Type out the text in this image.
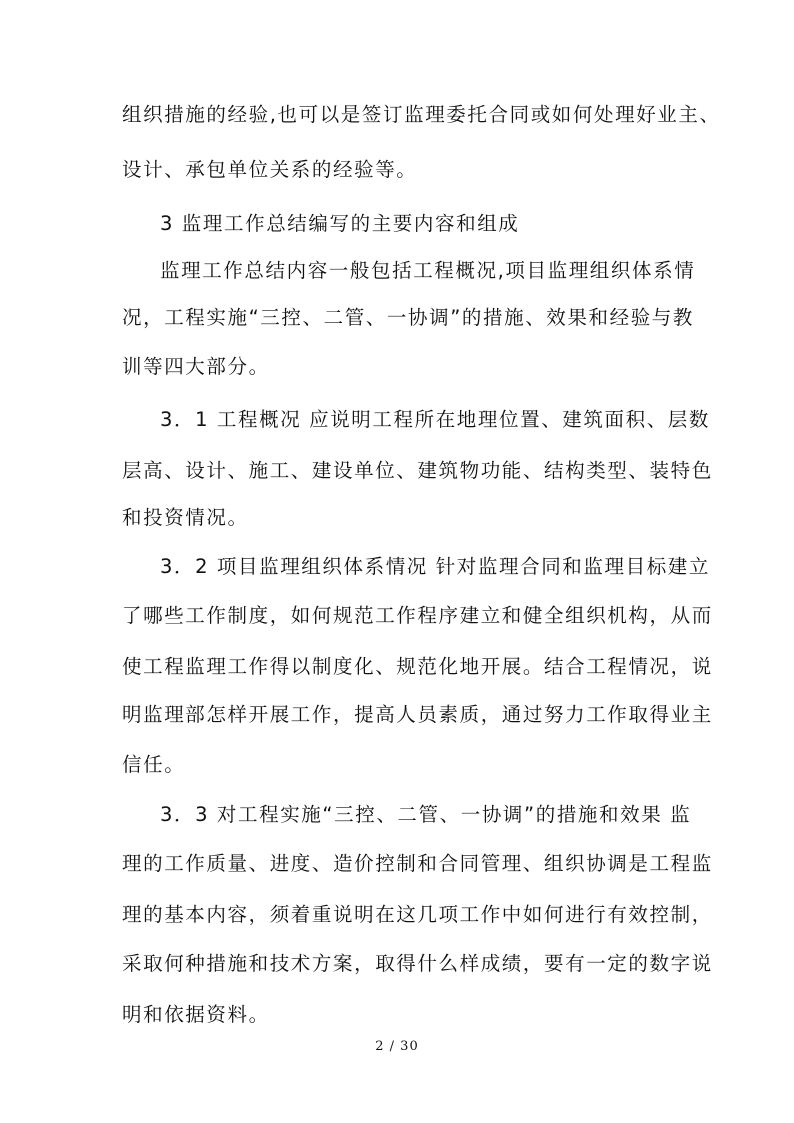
组织措施的经验,也可以是签订监理委托合同或如何处理好业主、
设计、承包单位关系的经验等。
3 监理工作总结编写的主要内容和组成
监理工作总结内容一般包括工程概况,项目监理组织体系情
况，工程实施“三控、二管、一协调”的措施、效果和经验与教
训等四大部分。
3．1 工程概况 应说明工程所在地理位置、建筑面积、层数
层高、设计、施工、建设单位、建筑物功能、结构类型、装特色
和投资情况。
3．2 项目监理组织体系情况 针对监理合同和监理目标建立
了哪些工作制度，如何规范工作程序建立和健全组织机构，从而
使工程监理工作得以制度化、规范化地开展。结合工程情况，说
明监理部怎样开展工作，提高人员素质，通过努力工作取得业主
信任。
3．3 对工程实施“三控、二管、一协调”的措施和效果 监
理的工作质量、进度、造价控制和合同管理、组织协调是工程监
理的基本内容，须着重说明在这几项工作中如何进行有效控制，
采取何种措施和技术方案，取得什么样成绩，要有一定的数字说
明和依据资料。
2 / 30
